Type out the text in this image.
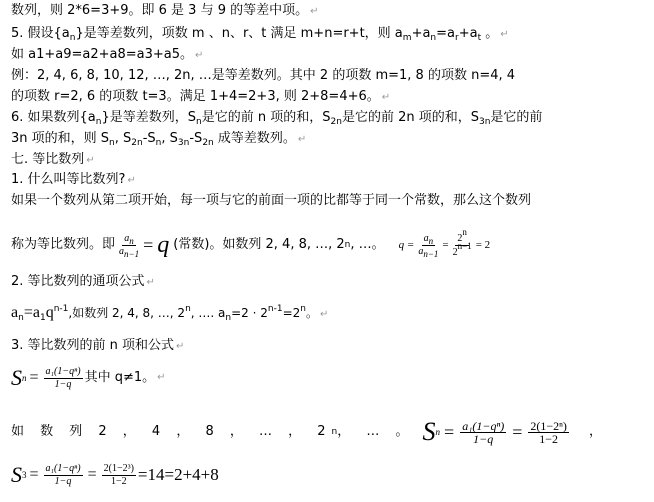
数列，则 2*6=3+9。即 6 是 3 与 9 的等差中项。 ↵
5. 假设$\{a_n\}$是等差数列，项数 m 、n、r、t 满足 m+n=r+t，则 $a_m+a_n=a_r+a_t$ 。 ↵
如 a1+a9=a2+a8=a3+a5。 ↵
例：2, 4, 6, 8, 10, 12, …, 2n, …是等差数列。其中 2 的项数 m=1, 8 的项数 n=4, 4
的项数 r=2, 6 的项数 t=3。满足 1+4=2+3, 则 2+8=4+6。 ↵
6. 如果数列$\{a_n\}$是等差数列，$S_n$是它的前 n 项的和，$S_{2n}$是它的前 2n 项的和，$S_{3n}$是它的前
3n 项的和，则 $S_n$, $S_{2n}-S_n$, $S_{3n}-S_{2n}$ 成等差数列。 ↵
七. 等比数列 ↵
1. 什么叫等比数列? ↵
如果一个数列从第二项开始，每一项与它的前面一项的比都等于同一个常数，那么这个数列
称为等比数列。即 $\frac{a_n}{a_{n-1}} = q$ (常数)。如数列 2, 4, 8, …, 2 n , …。 $q = \frac{a_n}{a_{n-1}} = \frac{2^n}{2^{n-1}} = 2$
2. 等比数列的通项公式 ↵
$a_n=a_1q^{n-1}$,如数列 2, 4, 8, …, 2$^n$, …. $a_n=2 \cdot 2^{n-1}=2^n$。 ↵
3. 等比数列的前 n 项和公式 ↵
S $n = \frac{\text{a₁(1−qⁿ)}}{1-q}$ 其中 q≠1。 ↵
如 数 列 2 ， 4 ， 8 ， … ， 2 n ， … 。 S $n = \frac{\text{a₁(1−qⁿ)}}{1-q} = \frac{\text{2(1−2ⁿ)}}{1-2}$ ，
S $3 = \frac{\text{a₁(1−qⁿ)}}{1-q} = \frac{\text{2(1−2³)}}{1-2} =14=2+4+8$
